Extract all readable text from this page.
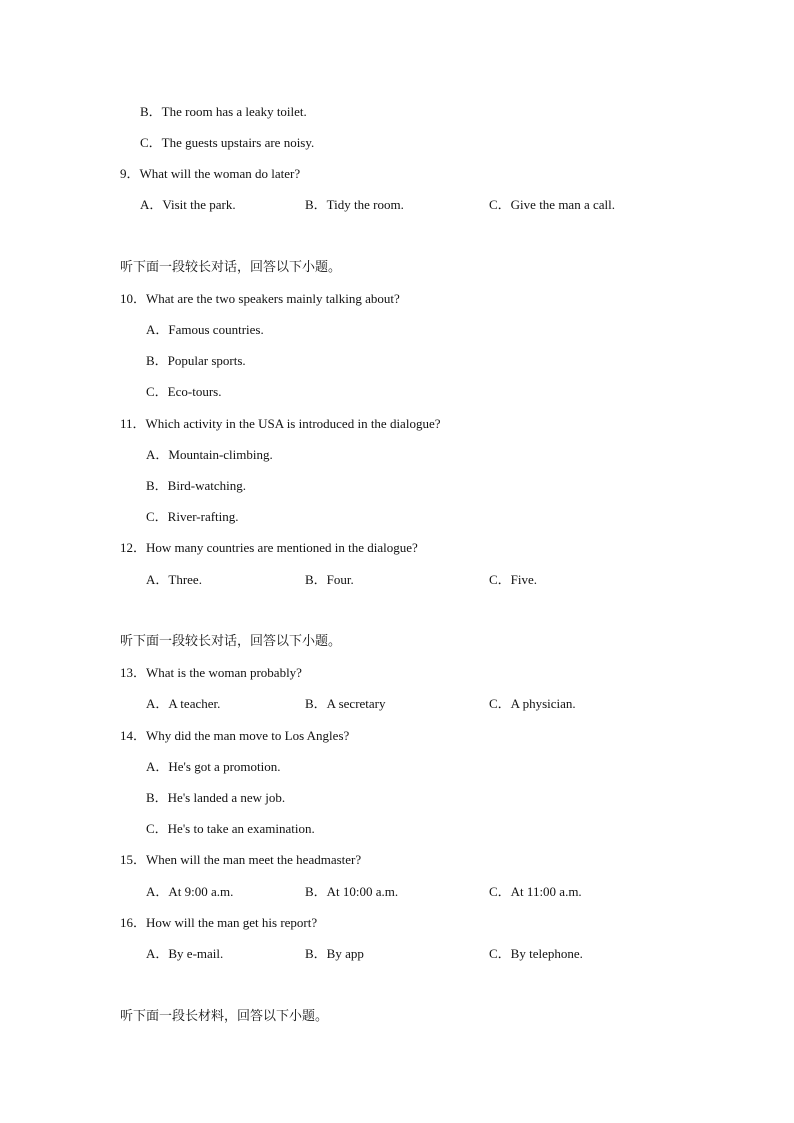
B．The room has a leaky toilet.
C．The guests upstairs are noisy.
9．What will the woman do later?
A．Visit the park.	B．Tidy the room.	C．Give the man a call.
听下面一段较长对话，回答以下小题。
10．What are the two speakers mainly talking about?
A．Famous countries.
B．Popular sports.
C．Eco-tours.
11．Which activity in the USA is introduced in the dialogue?
A．Mountain-climbing.
B．Bird-watching.
C．River-rafting.
12．How many countries are mentioned in the dialogue?
A．Three.	B．Four.	C．Five.
听下面一段较长对话，回答以下小题。
13．What is the woman probably?
A．A teacher.	B．A secretary	C．A physician.
14．Why did the man move to Los Angles?
A．He's got a promotion.
B．He's landed a new job.
C．He's to take an examination.
15．When will the man meet the headmaster?
A．At 9:00 a.m.	B．At 10:00 a.m.	C．At 11:00 a.m.
16．How will the man get his report?
A．By e-mail.	B．By app	C．By telephone.
听下面一段长材料，回答以下小题。
